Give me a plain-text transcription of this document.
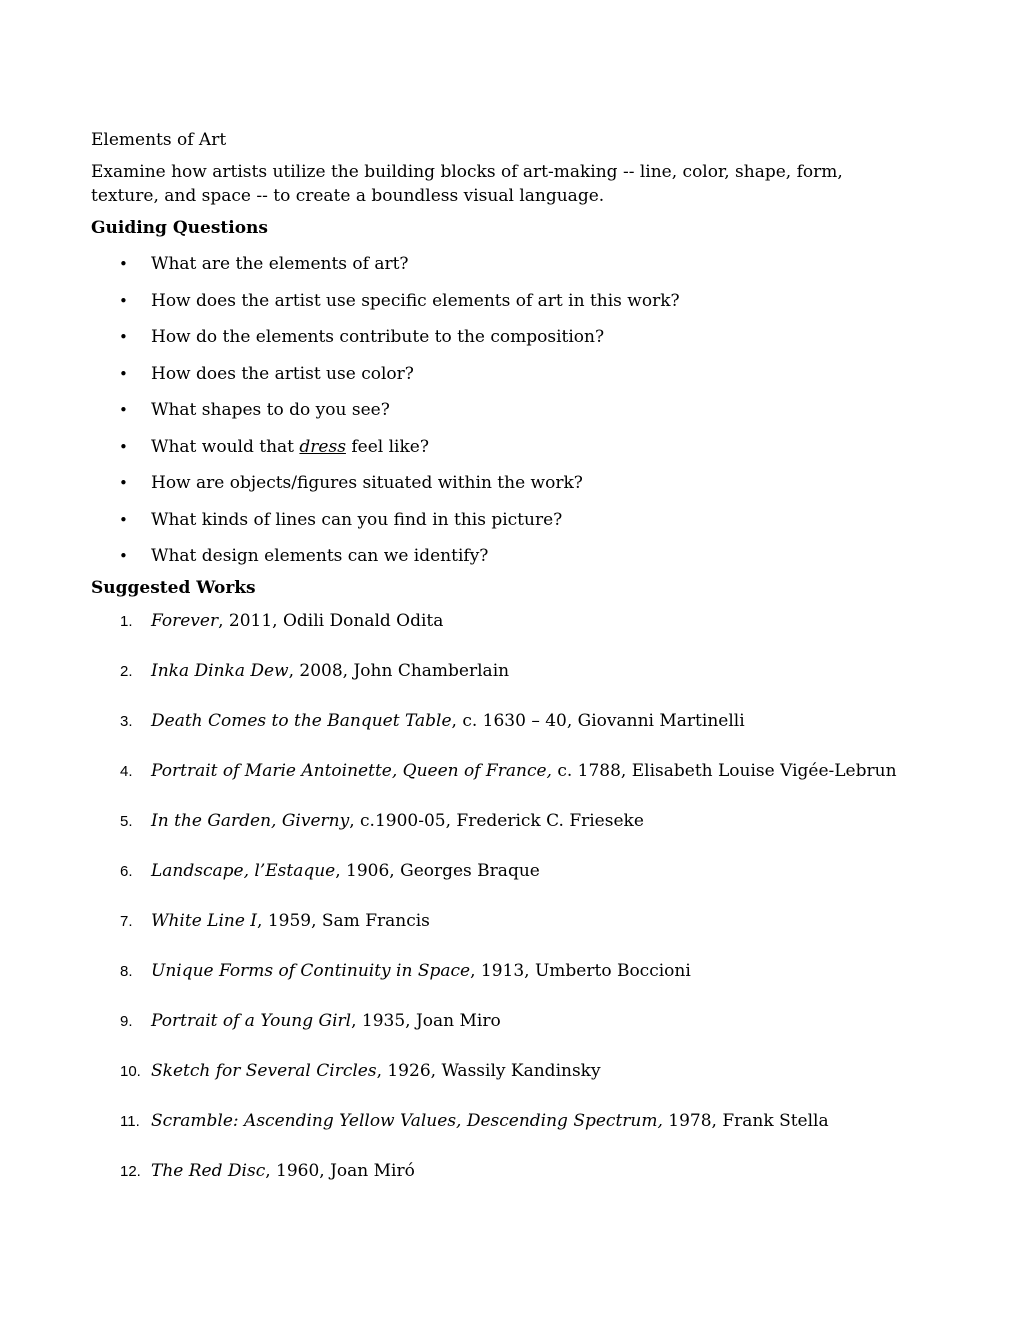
Elements of Art

Examine how artists utilize the building blocks of art-making -- line, color, shape, form, texture, and space -- to create a boundless visual language.

Guiding Questions
• What are the elements of art?
• How does the artist use specific elements of art in this work?
• How do the elements contribute to the composition?
• How does the artist use color?
• What shapes to do you see?
• What would that dress feel like?
• How are objects/figures situated within the work?
• What kinds of lines can you find in this picture?
• What design elements can we identify?
Suggested Works
1. Forever, 2011, Odili Donald Odita
2. Inka Dinka Dew, 2008, John Chamberlain
3. Death Comes to the Banquet Table, c. 1630 – 40, Giovanni Martinelli
4. Portrait of Marie Antoinette, Queen of France, c. 1788, Elisabeth Louise Vigée-Lebrun
5. In the Garden, Giverny, c.1900-05, Frederick C. Frieseke
6. Landscape, l’Estaque, 1906, Georges Braque
7. White Line I, 1959, Sam Francis
8. Unique Forms of Continuity in Space, 1913, Umberto Boccioni
9. Portrait of a Young Girl, 1935, Joan Miro
10. Sketch for Several Circles, 1926, Wassily Kandinsky
11. Scramble: Ascending Yellow Values, Descending Spectrum, 1978, Frank Stella
12. The Red Disc, 1960, Joan Miró
